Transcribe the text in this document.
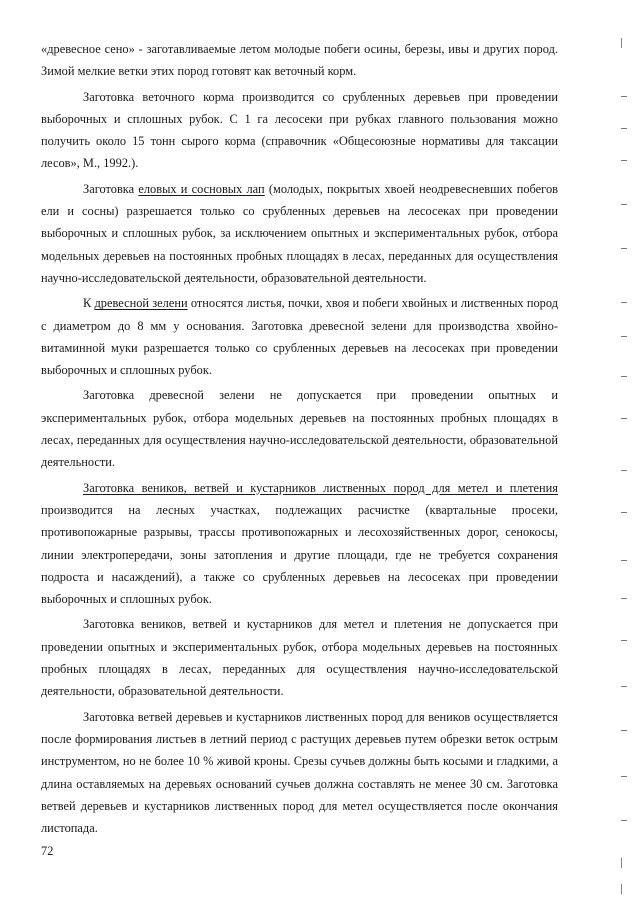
«древесное сено» - заготавливаемые летом молодые побеги осины, березы, ивы и других пород. Зимой мелкие ветки этих пород готовят как веточный корм.

Заготовка веточного корма производится со срубленных деревьев при проведении выборочных и сплошных рубок. С 1 га лесосеки при рубках главного пользования можно получить около 15 тонн сырого корма (справочник «Общесоюзные нормативы для таксации лесов», М., 1992.).

Заготовка еловых и сосновых лап (молодых, покрытых хвоей неодревесневших побегов ели и сосны) разрешается только со срубленных деревьев на лесосеках при проведении выборочных и сплошных рубок, за исключением опытных и экспериментальных рубок, отбора модельных деревьев на постоянных пробных площадях в лесах, переданных для осуществления научно-исследовательской деятельности, образовательной деятельности.

К древесной зелени относятся листья, почки, хвоя и побеги хвойных и лиственных пород с диаметром до 8 мм у основания. Заготовка древесной зелени для производства хвойно-витаминной муки разрешается только со срубленных деревьев на лесосеках при проведении выборочных и сплошных рубок.

Заготовка древесной зелени не допускается при проведении опытных и экспериментальных рубок, отбора модельных деревьев на постоянных пробных площадях в лесах, переданных для осуществления научно-исследовательской деятельности, образовательной деятельности.

Заготовка веников, ветвей и кустарников лиственных пород для метел и плетения производится на лесных участках, подлежащих расчистке (квартальные просеки, противопожарные разрывы, трассы противопожарных и лесохозяйственных дорог, сенокосы, линии электропередачи, зоны затопления и другие площади, где не требуется сохранения подроста и насаждений), а также со срубленных деревьев на лесосеках при проведении выборочных и сплошных рубок.

Заготовка веников, ветвей и кустарников для метел и плетения не допускается при проведении опытных и экспериментальных рубок, отбора модельных деревьев на постоянных пробных площадях в лесах, переданных для осуществления научно-исследовательской деятельности, образовательной деятельности.

Заготовка ветвей деревьев и кустарников лиственных пород для веников осуществляется после формирования листьев в летний период с растущих деревьев путем обрезки веток острым инструментом, но не более 10 % живой кроны. Срезы сучьев должны быть косыми и гладкими, а длина оставляемых на деревьях оснований сучьев должна составлять не менее 30 см. Заготовка ветвей деревьев и кустарников лиственных пород для метел осуществляется после окончания листопада.

72
